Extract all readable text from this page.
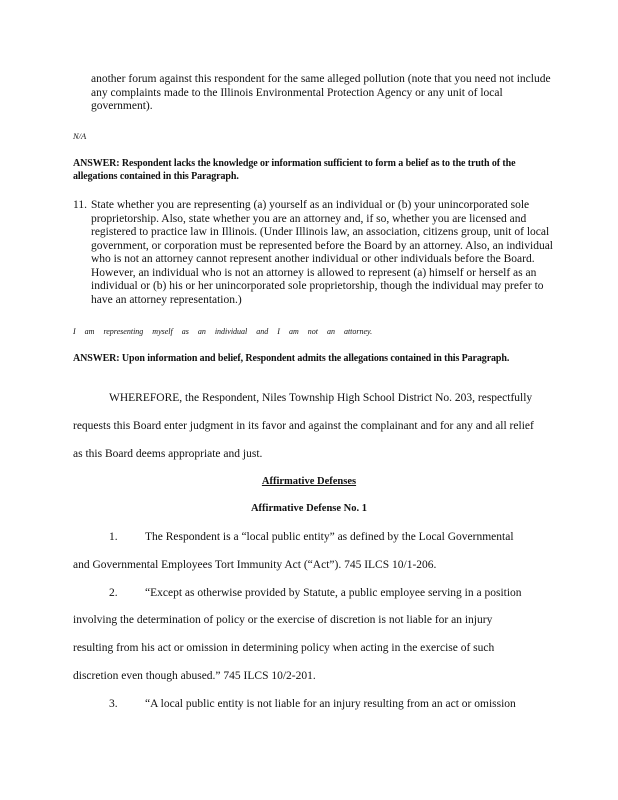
another forum against this respondent for the same alleged pollution (note that you need not include any complaints made to the Illinois Environmental Protection Agency or any unit of local government).
N/A
ANSWER: Respondent lacks the knowledge or information sufficient to form a belief as to the truth of the allegations contained in this Paragraph.
11. State whether you are representing (a) yourself as an individual or (b) your unincorporated sole proprietorship. Also, state whether you are an attorney and, if so, whether you are licensed and registered to practice law in Illinois. (Under Illinois law, an association, citizens group, unit of local government, or corporation must be represented before the Board by an attorney. Also, an individual who is not an attorney cannot represent another individual or other individuals before the Board. However, an individual who is not an attorney is allowed to represent (a) himself or herself as an individual or (b) his or her unincorporated sole proprietorship, though the individual may prefer to have an attorney representation.)
I am representing myself as an individual and I am not an attorney.
ANSWER: Upon information and belief, Respondent admits the allegations contained in this Paragraph.
WHEREFORE, the Respondent, Niles Township High School District No. 203, respectfully
requests this Board enter judgment in its favor and against the complainant and for any and all relief
as this Board deems appropriate and just.
Affirmative Defenses
Affirmative Defense No. 1
1. The Respondent is a “local public entity” as defined by the Local Governmental
and Governmental Employees Tort Immunity Act (“Act”). 745 ILCS 10/1-206.
2. “Except as otherwise provided by Statute, a public employee serving in a position
involving the determination of policy or the exercise of discretion is not liable for an injury
resulting from his act or omission in determining policy when acting in the exercise of such
discretion even though abused.” 745 ILCS 10/2-201.
3. “A local public entity is not liable for an injury resulting from an act or omission
